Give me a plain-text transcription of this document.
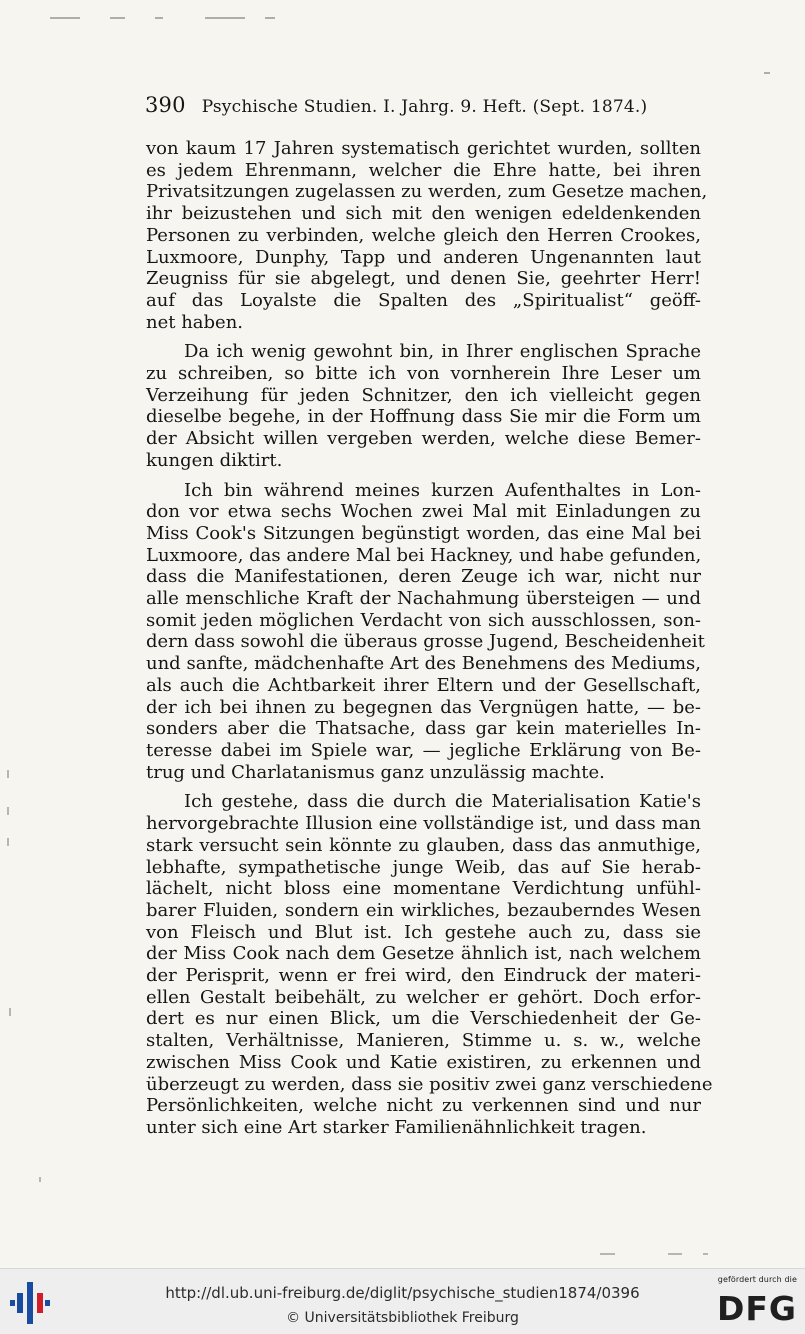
390 Psychische Studien. I. Jahrg. 9. Heft. (Sept. 1874.)

von kaum 17 Jahren systematisch gerichtet wurden, sollten
es jedem Ehrenmann, welcher die Ehre hatte, bei ihren
Privatsitzungen zugelassen zu werden, zum Gesetze machen,
ihr beizustehen und sich mit den wenigen edeldenkenden
Personen zu verbinden, welche gleich den Herren Crookes,
Luxmoore, Dunphy, Tapp und anderen Ungenannten laut
Zeugniss für sie abgelegt, und denen Sie, geehrter Herr!
auf das Loyalste die Spalten des „Spiritualist“ geöff-
net haben.

Da ich wenig gewohnt bin, in Ihrer englischen Sprache
zu schreiben, so bitte ich von vornherein Ihre Leser um
Verzeihung für jeden Schnitzer, den ich vielleicht gegen
dieselbe begehe, in der Hoffnung dass Sie mir die Form um
der Absicht willen vergeben werden, welche diese Bemer-
kungen diktirt.

Ich bin während meines kurzen Aufenthaltes in Lon-
don vor etwa sechs Wochen zwei Mal mit Einladungen zu
Miss Cook's Sitzungen begünstigt worden, das eine Mal bei
Luxmoore, das andere Mal bei Hackney, und habe gefunden,
dass die Manifestationen, deren Zeuge ich war, nicht nur
alle menschliche Kraft der Nachahmung übersteigen — und
somit jeden möglichen Verdacht von sich ausschlossen, son-
dern dass sowohl die überaus grosse Jugend, Bescheidenheit
und sanfte, mädchenhafte Art des Benehmens des Mediums,
als auch die Achtbarkeit ihrer Eltern und der Gesellschaft,
der ich bei ihnen zu begegnen das Vergnügen hatte, — be-
sonders aber die Thatsache, dass gar kein materielles In-
teresse dabei im Spiele war, — jegliche Erklärung von Be-
trug und Charlatanismus ganz unzulässig machte.

Ich gestehe, dass die durch die Materialisation Katie's
hervorgebrachte Illusion eine vollständige ist, und dass man
stark versucht sein könnte zu glauben, dass das anmuthige,
lebhafte, sympathetische junge Weib, das auf Sie herab-
lächelt, nicht bloss eine momentane Verdichtung unfühl-
barer Fluiden, sondern ein wirkliches, bezauberndes Wesen
von Fleisch und Blut ist. Ich gestehe auch zu, dass sie
der Miss Cook nach dem Gesetze ähnlich ist, nach welchem
der Perisprit, wenn er frei wird, den Eindruck der materi-
ellen Gestalt beibehält, zu welcher er gehört. Doch erfor-
dert es nur einen Blick, um die Verschiedenheit der Ge-
stalten, Verhältnisse, Manieren, Stimme u. s. w., welche
zwischen Miss Cook und Katie existiren, zu erkennen und
überzeugt zu werden, dass sie positiv zwei ganz verschiedene
Persönlichkeiten, welche nicht zu verkennen sind und nur
unter sich eine Art starker Familienähnlichkeit tragen.

http://dl.ub.uni-freiburg.de/diglit/psychische_studien1874/0396
© Universitätsbibliothek Freiburg
gefördert durch die
DFG
